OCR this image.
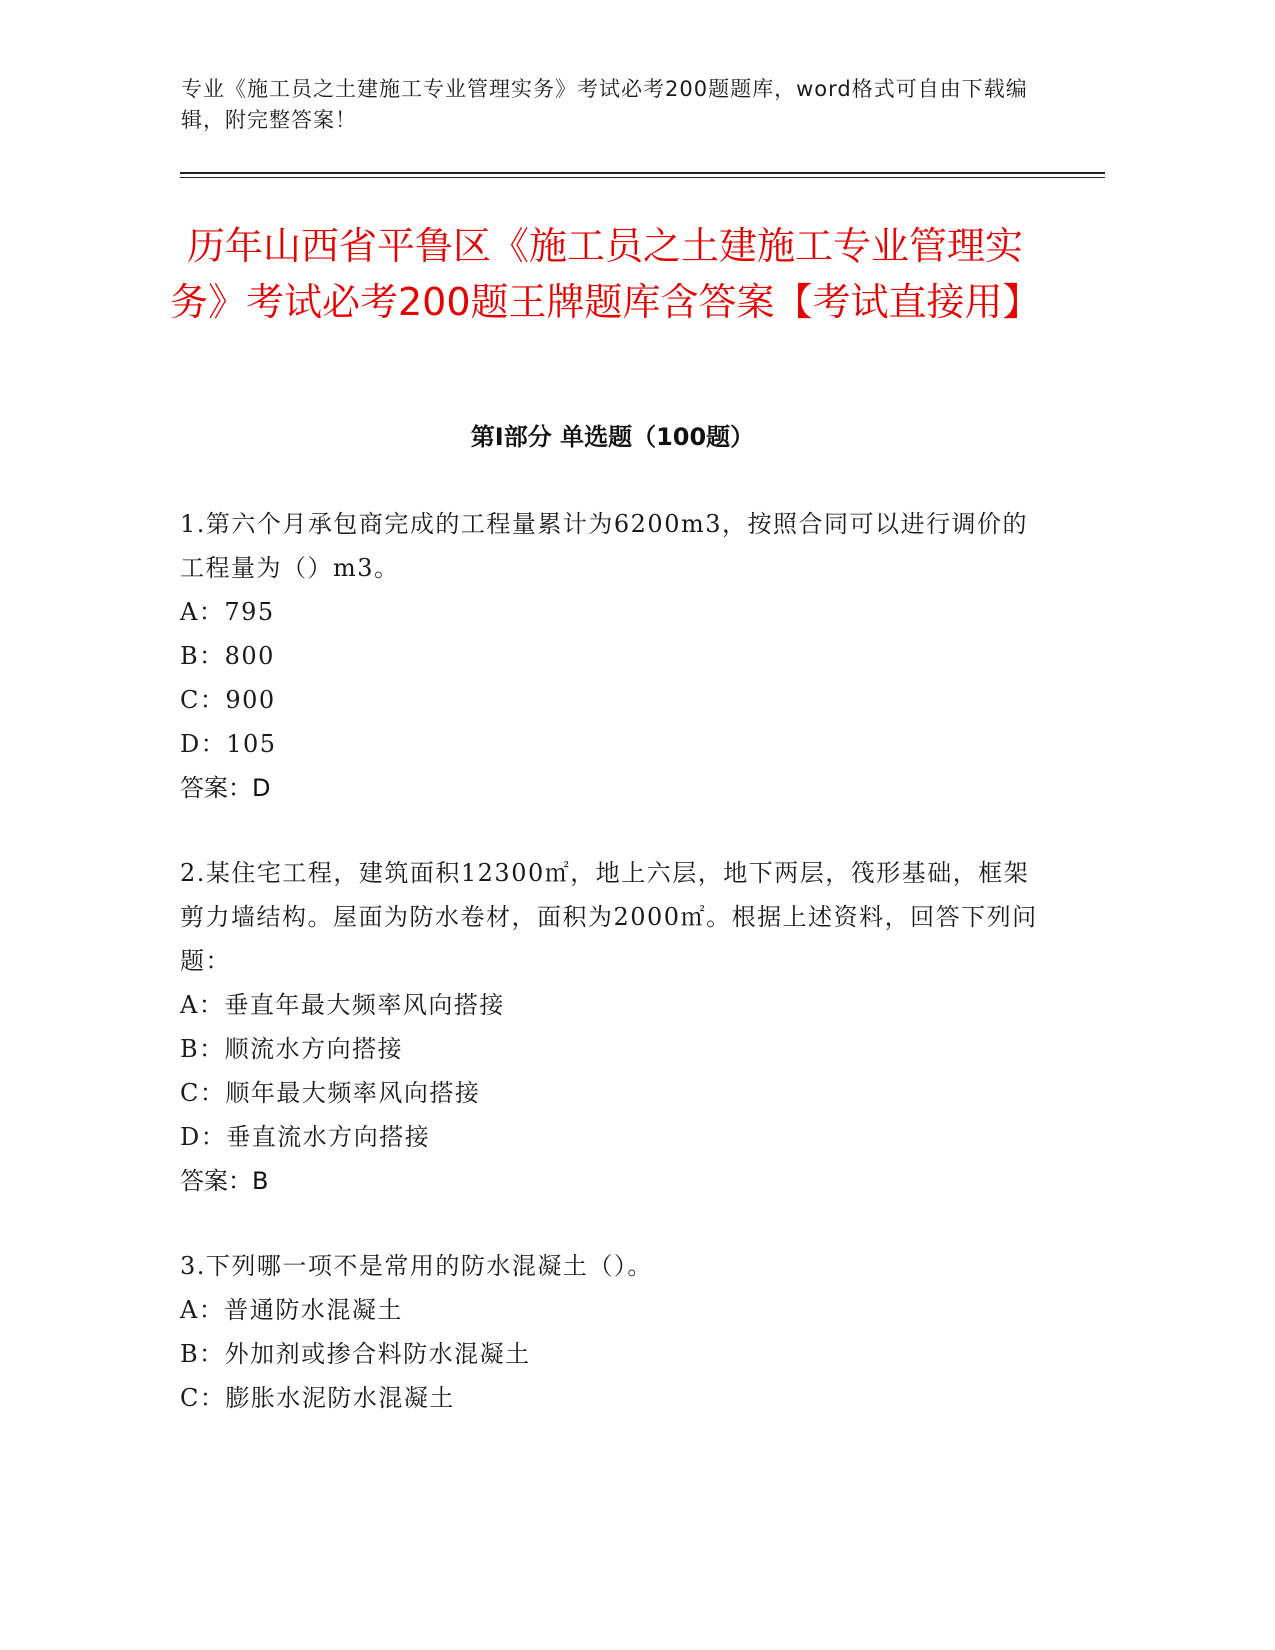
专业《施工员之土建施工专业管理实务》考试必考200题题库，word格式可自由下载编辑，附完整答案！
历年山西省平鲁区《施工员之土建施工专业管理实务》考试必考200题王牌题库含答案【考试直接用】
第I部分 单选题（100题）
1.第六个月承包商完成的工程量累计为6200m3，按照合同可以进行调价的工程量为（）m3。
A：795
B：800
C：900
D：105
答案：D
2.某住宅工程，建筑面积12300㎡，地上六层，地下两层，筏形基础，框架剪力墙结构。屋面为防水卷材，面积为2000㎡。根据上述资料，回答下列问题：
A：垂直年最大频率风向搭接
B：顺流水方向搭接
C：顺年最大频率风向搭接
D：垂直流水方向搭接
答案：B
3.下列哪一项不是常用的防水混凝土（）。
A：普通防水混凝土
B：外加剂或掺合料防水混凝土
C：膨胀水泥防水混凝土
